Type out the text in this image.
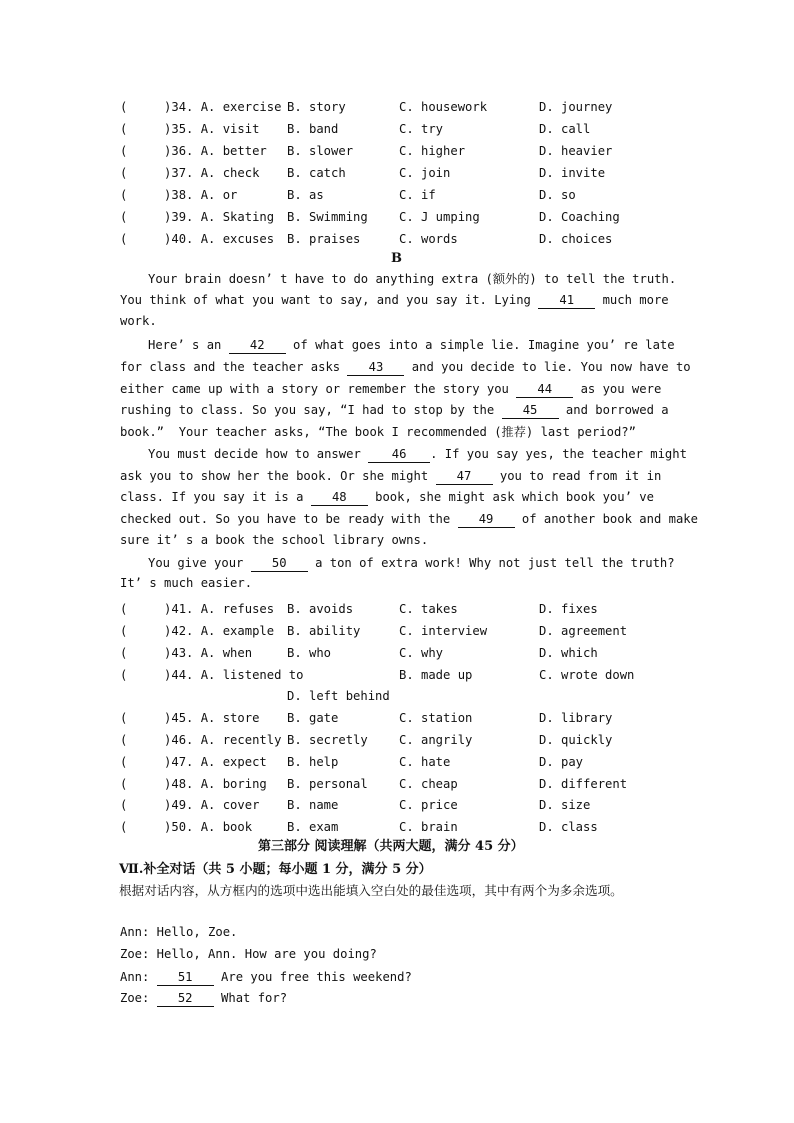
(     )34. A. exercise B. story	C. housework	D. journey
(     )35. A. visit B. band	C. try	D. call
(     )36. A. better B. slower	C. higher	D. heavier
(     )37. A. check B. catch	C. join	D. invite
(     )38. A. or	B. as	C. if	D. so
(     )39. A. Skating B. Swimming	C. J umping	D. Coaching
(     )40. A. excuses B. praises	C. words	D. choices
B
Your brain doesn’ t have to do anything extra (额外的) to tell the truth.
You think of what you want to say, and you say it. Lying 41 much more
work.
Here’ s an 42 of what goes into a simple lie. Imagine you’ re late
for class and the teacher asks 43 and you decide to lie. You now have to
either came up with a story or remember the story you 44 as you were
rushing to class. So you say, “I had to stop by the 45 and borrowed a
book.”  Your teacher asks, “The book I recommended (推荐) last period?”
You must decide how to answer 46 . If you say yes, the teacher might
ask you to show her the book. Or she might 47 you to read from it in
class. If you say it is a 48 book, she might ask which book you’ ve
checked out. So you have to be ready with the 49 of another book and make
sure it’ s a book the school library owns.
You give your 50 a ton of extra work! Why not just tell the truth?
It’ s much easier.
(     )41. A. refuses B. avoids	C. takes	D. fixes
(     )42. A. example B. ability	C. interview	D. agreement
(     )43. A. when	B. who	C. why	D. which
(     )44. A. listened to	B. made up	C. wrote down
D. left behind
(     )45. A. store B. gate	C. station	D. library
(     )46. A. recently B. secretly	C. angrily	D. quickly
(     )47. A. expect B. help	C. hate	D. pay
(     )48. A. boring B. personal	C. cheap	D. different
(     )49. A. cover B. name	C. price	D. size
(     )50. A. book	B. exam	C. brain	D. class
第三部分 阅读理解（共两大题，满分 45 分）
Ⅶ.补全对话（共 5 小题；每小题 1 分，满分 5 分）
根据对话内容，从方框内的选项中选出能填入空白处的最佳选项，其中有两个为多余选项。
Ann: Hello, Zoe.
Zoe: Hello, Ann. How are you doing?
Ann: 51 Are you free this weekend?
Zoe: 52 What for?
